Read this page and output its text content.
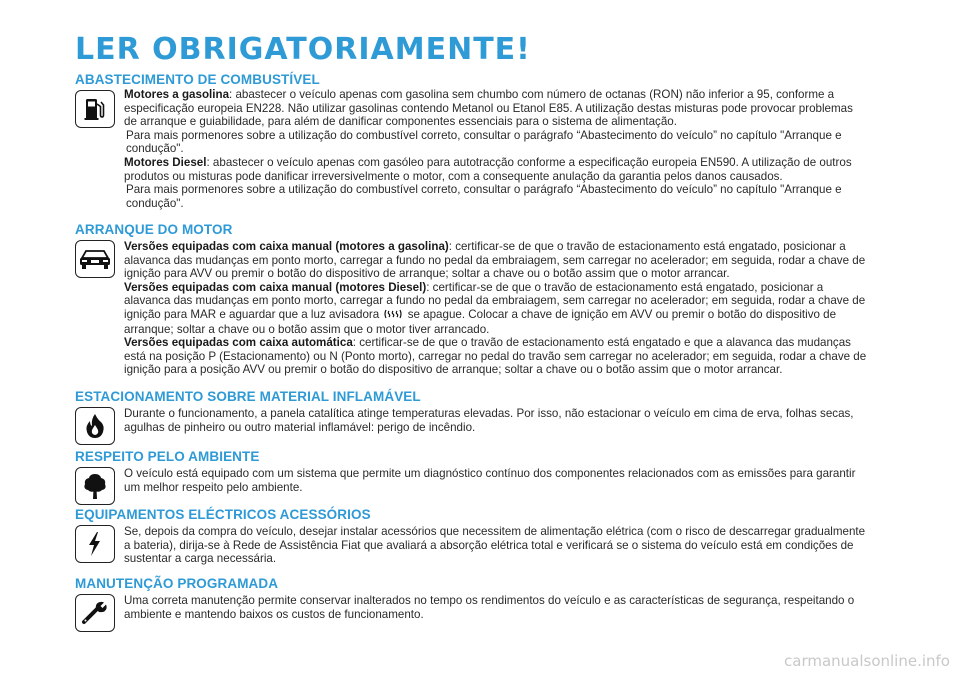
LER OBRIGATORIAMENTE!
ABASTECIMENTO DE COMBUSTÍVEL

Motores a gasolina: abastecer o veículo apenas com gasolina sem chumbo com número de octanas (RON) não inferior a 95, conforme a especificação europeia EN228. Não utilizar gasolinas contendo Metanol ou Etanol E85. A utilização destas misturas pode provocar problemas de arranque e guiabilidade, para além de danificar componentes essenciais para o sistema de alimentação.

Para mais pormenores sobre a utilização do combustível correto, consultar o parágrafo “Abastecimento do veículo” no capítulo "Arranque e condução".

Motores Diesel: abastecer o veículo apenas com gasóleo para autotracção conforme a especificação europeia EN590. A utilização de outros produtos ou misturas pode danificar irreversivelmente o motor, com a consequente anulação da garantia pelos danos causados.

Para mais pormenores sobre a utilização do combustível correto, consultar o parágrafo “Abastecimento do veículo” no capítulo "Arranque e condução".

ARRANQUE DO MOTOR

Versões equipadas com caixa manual (motores a gasolina): certificar-se de que o travão de estacionamento está engatado, posicionar a alavanca das mudanças em ponto morto, carregar a fundo no pedal da embraiagem, sem carregar no acelerador; em seguida, rodar a chave de ignição para AVV ou premir o botão do dispositivo de arranque; soltar a chave ou o botão assim que o motor arrancar.

Versões equipadas com caixa manual (motores Diesel): certificar-se de que o travão de estacionamento está engatado, posicionar a alavanca das mudanças em ponto morto, carregar a fundo no pedal da embraiagem, sem carregar no acelerador; em seguida, rodar a chave de ignição para MAR e aguardar que a luz avisadora se apague. Colocar a chave de ignição em AVV ou premir o botão do dispositivo de arranque; soltar a chave ou o botão assim que o motor tiver arrancado.

Versões equipadas com caixa automática: certificar-se de que o travão de estacionamento está engatado e que a alavanca das mudanças está na posição P (Estacionamento) ou N (Ponto morto), carregar no pedal do travão sem carregar no acelerador; em seguida, rodar a chave de ignição para a posição AVV ou premir o botão do dispositivo de arranque; soltar a chave ou o botão assim que o motor arrancar.

ESTACIONAMENTO SOBRE MATERIAL INFLAMÁVEL

Durante o funcionamento, a panela catalítica atinge temperaturas elevadas. Por isso, não estacionar o veículo em cima de erva, folhas secas, agulhas de pinheiro ou outro material inflamável: perigo de incêndio.

RESPEITO PELO AMBIENTE

O veículo está equipado com um sistema que permite um diagnóstico contínuo dos componentes relacionados com as emissões para garantir um melhor respeito pelo ambiente.

EQUIPAMENTOS ELÉCTRICOS ACESSÓRIOS

Se, depois da compra do veículo, desejar instalar acessórios que necessitem de alimentação elétrica (com o risco de descarregar gradualmente a bateria), dirija-se à Rede de Assistência Fiat que avaliará a absorção elétrica total e verificará se o sistema do veículo está em condições de sustentar a carga necessária.

MANUTENÇÃO PROGRAMADA

Uma correta manutenção permite conservar inalterados no tempo os rendimentos do veículo e as características de segurança, respeitando o ambiente e mantendo baixos os custos de funcionamento.

carmanualsonline.info
